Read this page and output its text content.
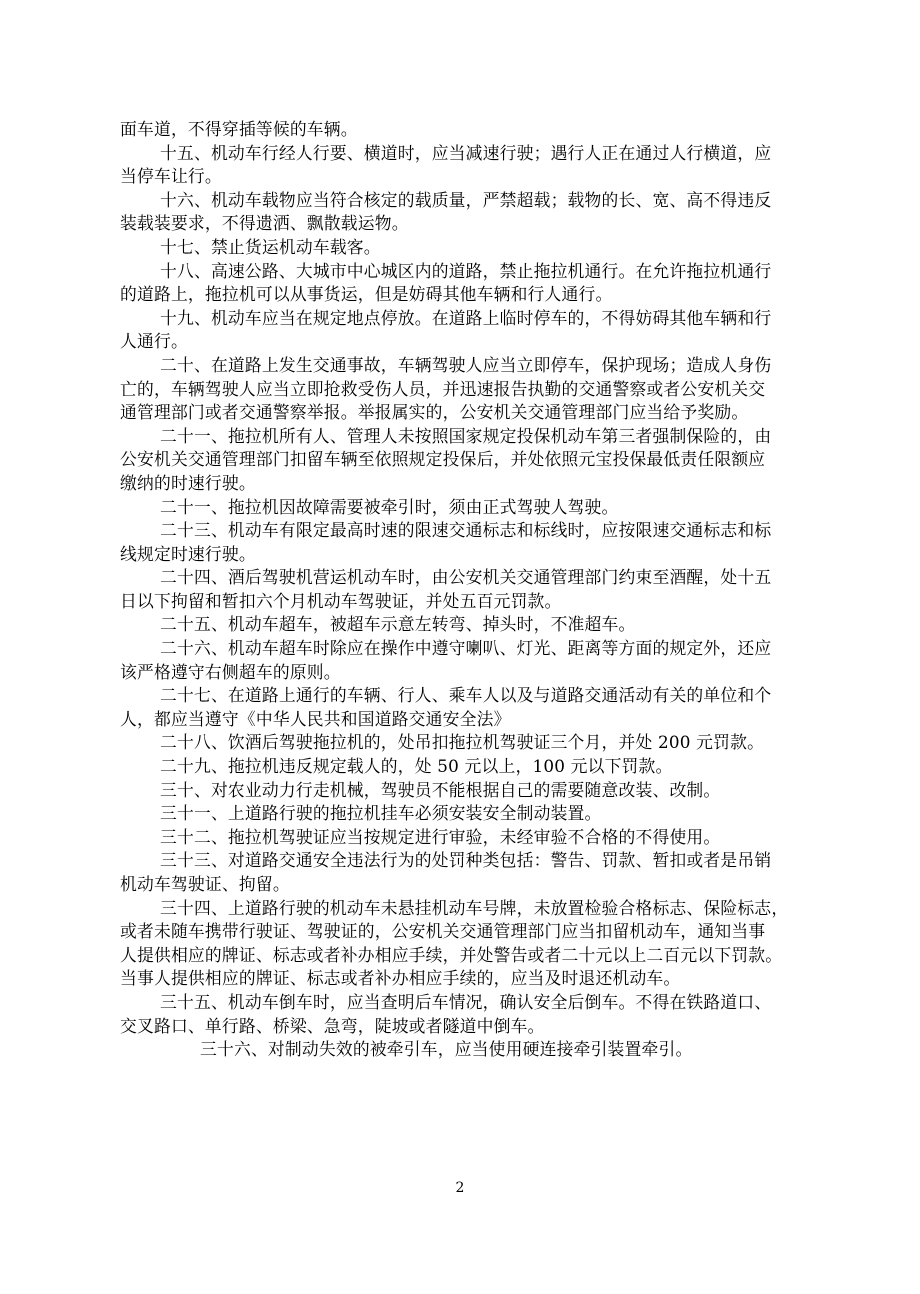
面车道，不得穿插等候的车辆。
十五、机动车行经人行要、横道时，应当减速行驶；遇行人正在通过人行横道，应
当停车让行。
十六、机动车载物应当符合核定的载质量，严禁超载；载物的长、宽、高不得违反
装载装要求，不得遗洒、飘散载运物。
十七、禁止货运机动车载客。
十八、高速公路、大城市中心城区内的道路，禁止拖拉机通行。在允许拖拉机通行
的道路上，拖拉机可以从事货运，但是妨碍其他车辆和行人通行。
十九、机动车应当在规定地点停放。在道路上临时停车的，不得妨碍其他车辆和行
人通行。
二十、在道路上发生交通事故，车辆驾驶人应当立即停车，保护现场；造成人身伤
亡的，车辆驾驶人应当立即抢救受伤人员，并迅速报告执勤的交通警察或者公安机关交
通管理部门或者交通警察举报。举报属实的，公安机关交通管理部门应当给予奖励。
二十一、拖拉机所有人、管理人未按照国家规定投保机动车第三者强制保险的，由
公安机关交通管理部门扣留车辆至依照规定投保后，并处依照元宝投保最低责任限额应
缴纳的时速行驶。
二十一、拖拉机因故障需要被牵引时，须由正式驾驶人驾驶。
二十三、机动车有限定最高时速的限速交通标志和标线时，应按限速交通标志和标
线规定时速行驶。
二十四、酒后驾驶机营运机动车时，由公安机关交通管理部门约束至酒醒，处十五
日以下拘留和暂扣六个月机动车驾驶证，并处五百元罚款。
二十五、机动车超车，被超车示意左转弯、掉头时，不准超车。
二十六、机动车超车时除应在操作中遵守喇叭、灯光、距离等方面的规定外，还应
该严格遵守右侧超车的原则。
二十七、在道路上通行的车辆、行人、乘车人以及与道路交通活动有关的单位和个
人，都应当遵守《中华人民共和国道路交通安全法》
二十八、饮酒后驾驶拖拉机的，处吊扣拖拉机驾驶证三个月，并处 200 元罚款。
二十九、拖拉机违反规定载人的，处 50 元以上，100 元以下罚款。
三十、对农业动力行走机械，驾驶员不能根据自己的需要随意改装、改制。
三十一、上道路行驶的拖拉机挂车必须安装安全制动装置。
三十二、拖拉机驾驶证应当按规定进行审验，未经审验不合格的不得使用。
三十三、对道路交通安全违法行为的处罚种类包括：警告、罚款、暂扣或者是吊销
机动车驾驶证、拘留。
三十四、上道路行驶的机动车未悬挂机动车号牌，未放置检验合格标志、保险标志，
或者未随车携带行驶证、驾驶证的，公安机关交通管理部门应当扣留机动车，通知当事
人提供相应的牌证、标志或者补办相应手续，并处警告或者二十元以上二百元以下罚款。
当事人提供相应的牌证、标志或者补办相应手续的，应当及时退还机动车。
三十五、机动车倒车时，应当查明后车情况，确认安全后倒车。不得在铁路道口、
交叉路口、单行路、桥梁、急弯，陡坡或者隧道中倒车。
三十六、对制动失效的被牵引车，应当使用硬连接牵引装置牵引。
2
